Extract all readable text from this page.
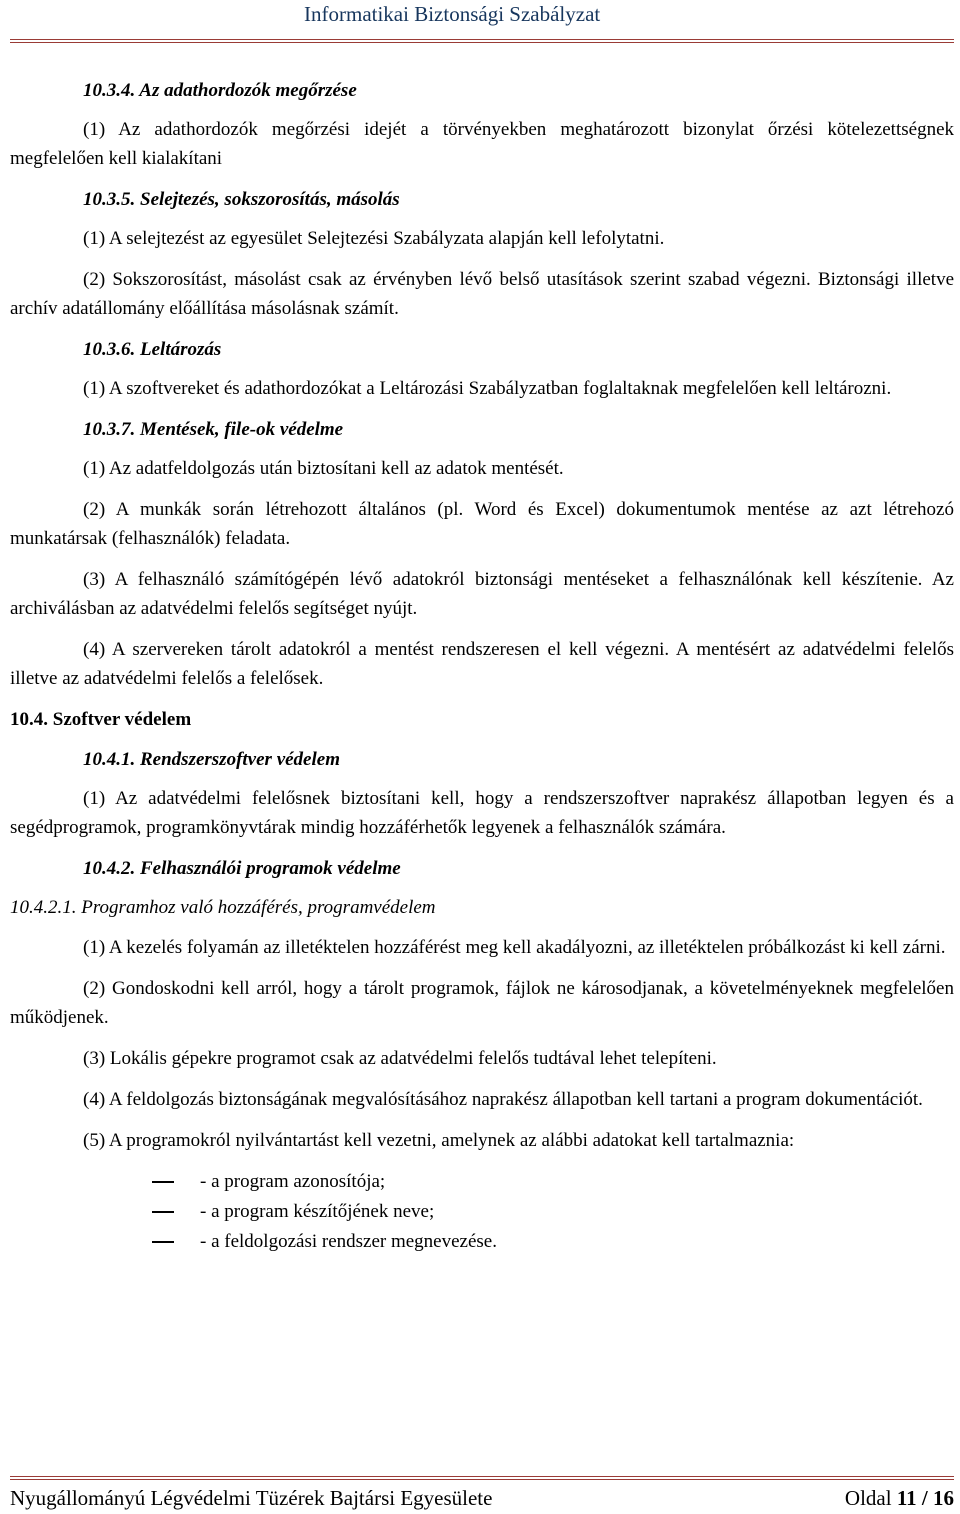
Informatikai Biztonsági Szabályzat

10.3.4. Az adathordozók megőrzése

(1) Az adathordozók megőrzési idejét a törvényekben meghatározott bizonylat őrzési kötelezettségnek megfelelően kell kialakítani

10.3.5. Selejtezés, sokszorosítás, másolás

(1) A selejtezést az egyesület Selejtezési Szabályzata alapján kell lefolytatni.

(2) Sokszorosítást, másolást csak az érvényben lévő belső utasítások szerint szabad végezni. Biztonsági illetve archív adatállomány előállítása másolásnak számít.

10.3.6. Leltározás

(1) A szoftvereket és adathordozókat a Leltározási Szabályzatban foglaltaknak megfelelően kell leltározni.

10.3.7. Mentések, file-ok védelme

(1) Az adatfeldolgozás után biztosítani kell az adatok mentését.

(2) A munkák során létrehozott általános (pl. Word és Excel) dokumentumok mentése az azt létrehozó munkatársak (felhasználók) feladata.

(3) A felhasználó számítógépén lévő adatokról biztonsági mentéseket a felhasználónak kell készítenie. Az archiválásban az adatvédelmi felelős segítséget nyújt.

(4) A szervereken tárolt adatokról a mentést rendszeresen el kell végezni. A mentésért az adatvédelmi felelős illetve az adatvédelmi felelős a felelősek.

10.4. Szoftver védelem

10.4.1. Rendszerszoftver védelem

(1) Az adatvédelmi felelősnek biztosítani kell, hogy a rendszerszoftver naprakész állapotban legyen és a segédprogramok, programkönyvtárak mindig hozzáférhetők legyenek a felhasználók számára.

10.4.2. Felhasználói programok védelme

10.4.2.1. Programhoz való hozzáférés, programvédelem

(1) A kezelés folyamán az illetéktelen hozzáférést meg kell akadályozni, az illetéktelen próbálkozást ki kell zárni.

(2) Gondoskodni kell arról, hogy a tárolt programok, fájlok ne károsodjanak, a követelményeknek megfelelően működjenek.

(3) Lokális gépekre programot csak az adatvédelmi felelős tudtával lehet telepíteni.

(4) A feldolgozás biztonságának megvalósításához naprakész állapotban kell tartani a program dokumentációt.

(5) A programokról nyilvántartást kell vezetni, amelynek az alábbi adatokat kell tartalmaznia:

- a program azonosítója;
- a program készítőjének neve;
- a feldolgozási rendszer megnevezése.
Nyugállományú Légvédelmi Tüzérek Bajtársi Egyesülete	Oldal 11 / 16
